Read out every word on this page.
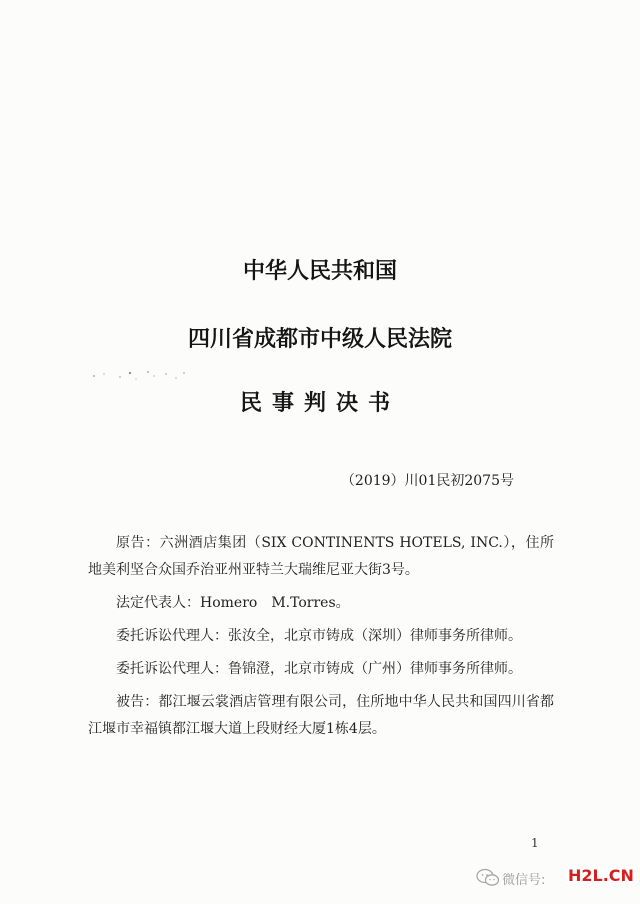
中华人民共和国
四川省成都市中级人民法院
民事判决书
（2019）川01民初2075号

原告：六洲酒店集团（SIX CONTINENTS HOTELS, INC.），住所地美利坚合众国乔治亚州亚特兰大瑞维尼亚大街3号。

法定代表人：Homero　M.Torres。

委托诉讼代理人：张汝全，北京市铸成（深圳）律师事务所律师。

委托诉讼代理人：鲁锦澄，北京市铸成（广州）律师事务所律师。

被告：都江堰云裳酒店管理有限公司，住所地中华人民共和国四川省都江堰市幸福镇都江堰大道上段财经大厦1栋4层。

1
微信号: H2L.CN
